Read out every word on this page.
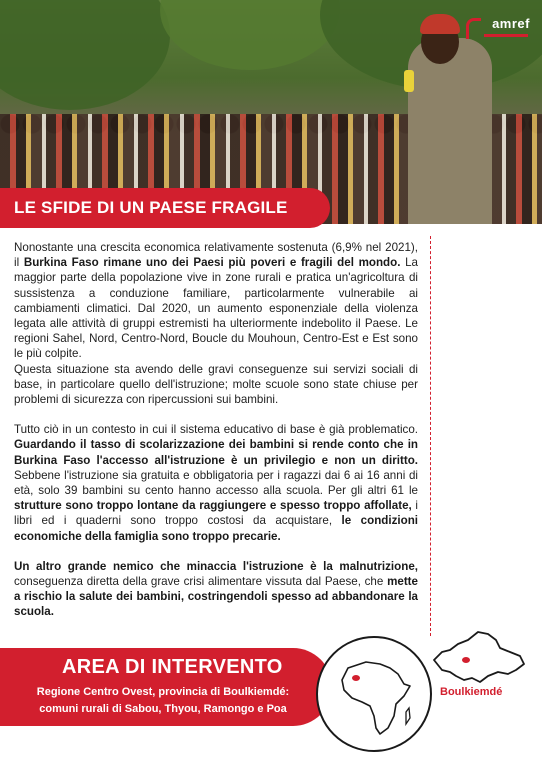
amref
LE SFIDE DI UN PAESE FRAGILE

Nonostante una crescita economica relativamente sostenuta (6,9% nel 2021), il Burkina Faso rimane uno dei Paesi più poveri e fragili del mondo. La maggior parte della popolazione vive in zone rurali e pratica un'agricoltura di sussistenza a conduzione familiare, particolarmente vulnerabile ai cambiamenti climatici. Dal 2020, un aumento esponenziale della violenza legata alle attività di gruppi estremisti ha ulteriormente indebolito il Paese. Le regioni Sahel, Nord, Centro-Nord, Boucle du Mouhoun, Centro-Est e Est sono le più colpite.

Questa situazione sta avendo delle gravi conseguenze sui servizi sociali di base, in particolare quello dell'istruzione; molte scuole sono state chiuse per problemi di sicurezza con ripercussioni sui bambini.

Tutto ciò in un contesto in cui il sistema educativo di base è già problematico. Guardando il tasso di scolarizzazione dei bambini si rende conto che in Burkina Faso l'accesso all'istruzione è un privilegio e non un diritto. Sebbene l'istruzione sia gratuita e obbligatoria per i ragazzi dai 6 ai 16 anni di età, solo 39 bambini su cento hanno accesso alla scuola. Per gli altri 61 le strutture sono troppo lontane da raggiungere e spesso troppo affollate, i libri ed i quaderni sono troppo costosi da acquistare, le condizioni economiche della famiglia sono troppo precarie.

Un altro grande nemico che minaccia l'istruzione è la malnutrizione, conseguenza diretta della grave crisi alimentare vissuta dal Paese, che mette a rischio la salute dei bambini, costringendoli spesso ad abbandonare la scuola.

AREA DI INTERVENTO
Regione Centro Ovest, provincia di Boulkiemdé:
comuni rurali di Sabou, Thyou, Ramongo e Poa
Boulkiemdé
